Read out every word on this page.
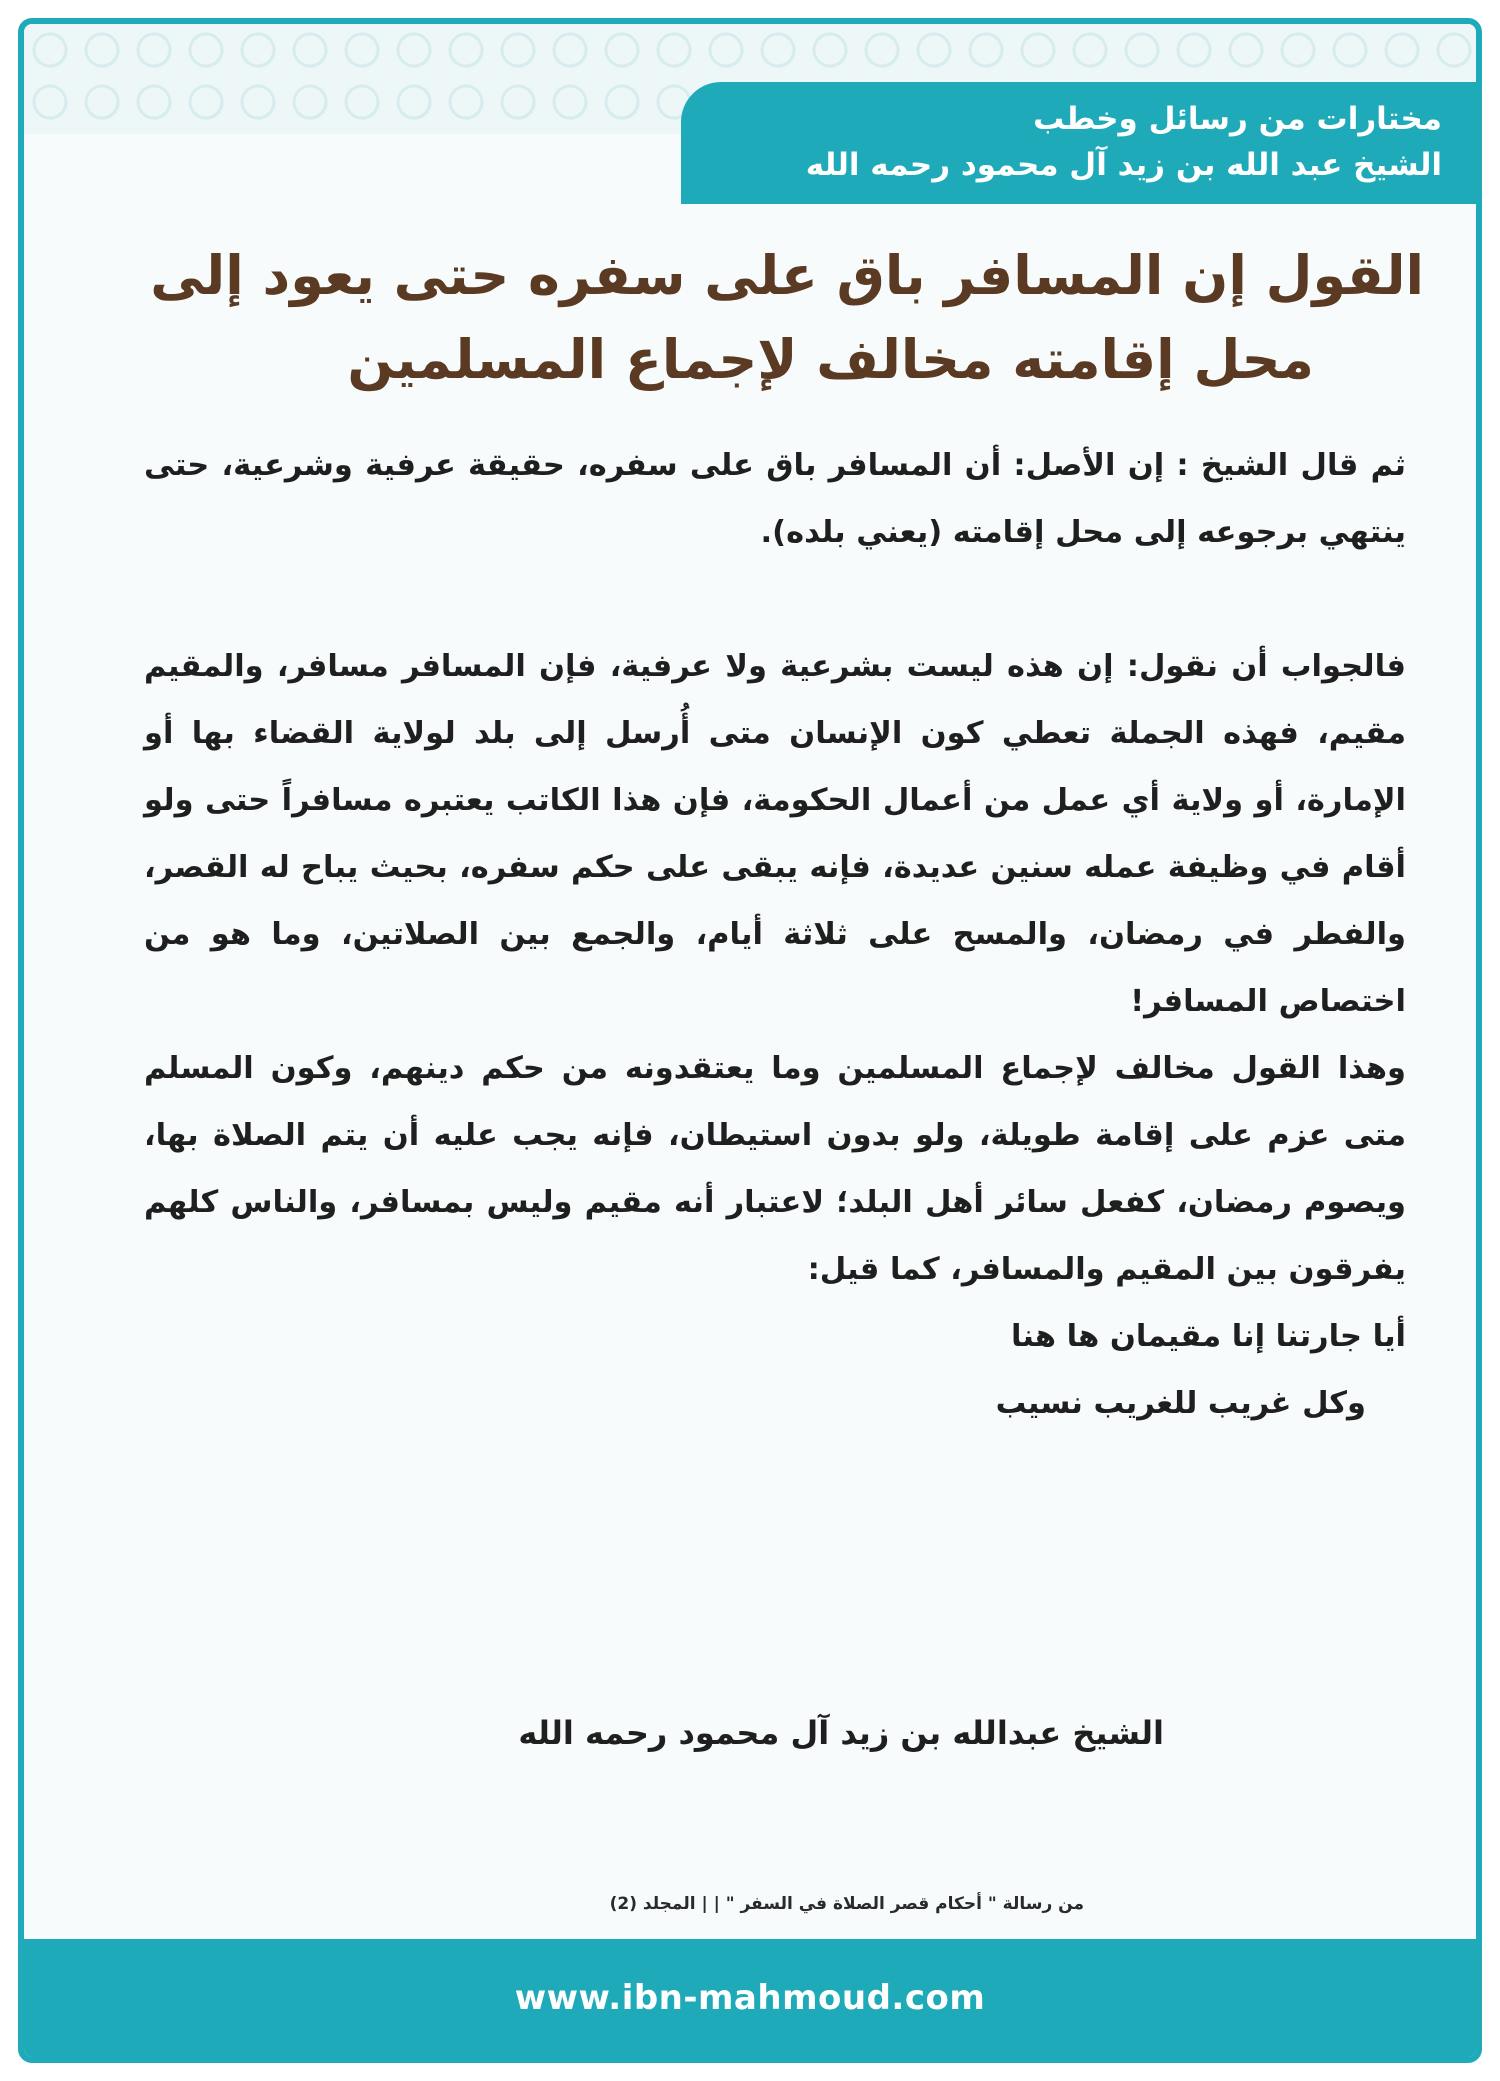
مختارات من رسائل وخطب
الشيخ عبد الله بن زيد آل محمود رحمه الله
القول إن المسافر باق على سفره حتى يعود إلى
محل إقامته مخالف لإجماع المسلمين

ثم قال الشيخ : إن الأصل: أن المسافر باق على سفره، حقيقة عرفية وشرعية، حتى ينتهي برجوعه إلى محل إقامته (يعني بلده).

فالجواب أن نقول: إن هذه ليست بشرعية ولا عرفية، فإن المسافر مسافر، والمقيم مقيم، فهذه الجملة تعطي كون الإنسان متى أُرسل إلى بلد لولاية القضاء بها أو الإمارة، أو ولاية أي عمل من أعمال الحكومة، فإن هذا الكاتب يعتبره مسافراً حتى ولو أقام في وظيفة عمله سنين عديدة، فإنه يبقى على حكم سفره، بحيث يباح له القصر، والفطر في رمضان، والمسح على ثلاثة أيام، والجمع بين الصلاتين، وما هو من اختصاص المسافر!

وهذا القول مخالف لإجماع المسلمين وما يعتقدونه من حكم دينهم، وكون المسلم متى عزم على إقامة طويلة، ولو بدون استيطان، فإنه يجب عليه أن يتم الصلاة بها، ويصوم رمضان، كفعل سائر أهل البلد؛ لاعتبار أنه مقيم وليس بمسافر، والناس كلهم يفرقون بين المقيم والمسافر، كما قيل:

أيا جارتنا إنا مقيمان ها هنا

وكل غريب للغريب نسيب

الشيخ عبدالله بن زيد آل محمود رحمه الله
من رسالة " أحكام قصر الصلاة في السفر " | | المجلد (2)
www.ibn-mahmoud.com
